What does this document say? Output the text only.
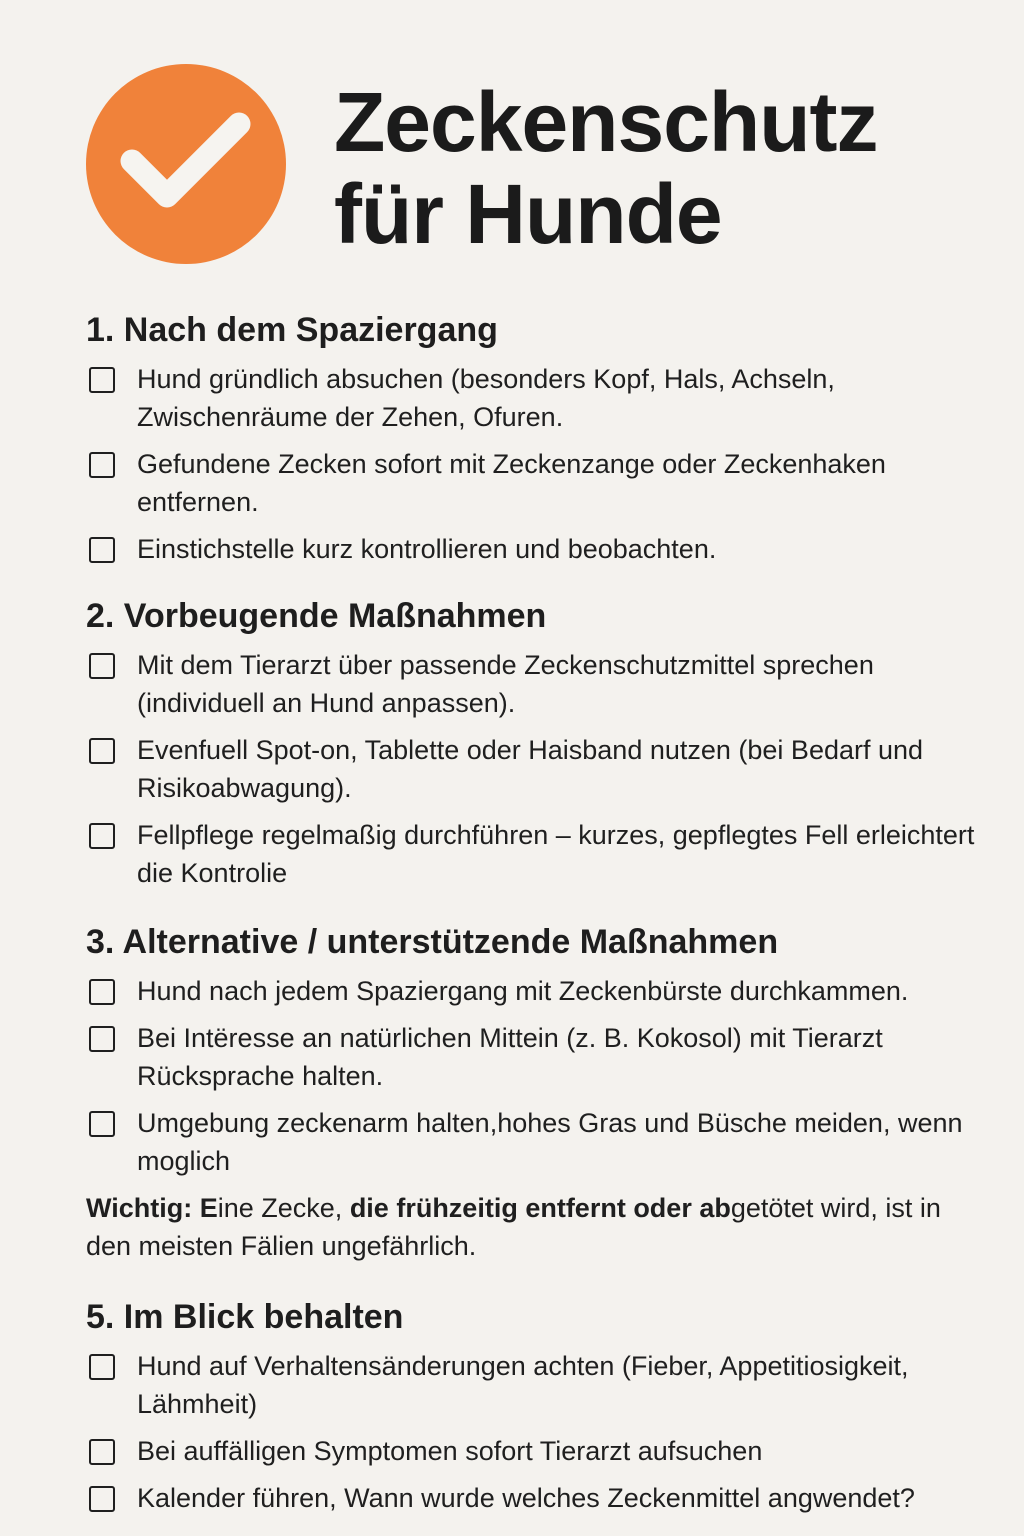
Zeckenschutz
für Hunde
1. Nach dem Spaziergang
Hund gründlich absuchen (besonders Kopf, Hals, Achseln, Zwischenräume der Zehen, Ofuren.
Gefundene Zecken sofort mit Zeckenzange oder Zeckenhaken entfernen.
Einstichstelle kurz kontrollieren und beobachten.
2. Vorbeugende Maßnahmen
Mit dem Tierarzt über passende Zeckenschutzmittel sprechen (individuell an Hund anpassen).
Evenfuell Spot-on, Tablette oder Haisband nutzen (bei Bedarf und Risikoabwagung).
Fellpflege regelmaßig durchführen – kurzes, gepflegtes Fell erleichtert die Kontrolie
3. Alternative / unterstützende Maßnahmen
Hund nach jedem Spaziergang mit Zeckenbürste durchkammen.
Bei Intëresse an natürlichen Mittein (z. B. Kokosol) mit Tierarzt Rücksprache halten.
Umgebung zeckenarm halten,hohes Gras und Büsche meiden, wenn moglich

Wichtig: Eine Zecke, die frühzeitig entfernt oder abgetötet wird, ist in den meisten Fälien ungefährlich.

5. Im Blick behalten
Hund auf Verhaltensänderungen achten (Fieber, Appetitiosigkeit, Lähmheit)
Bei auffälligen Symptomen sofort Tierarzt aufsuchen
Kalender führen, Wann wurde welches Zeckenmittel angwendet?
